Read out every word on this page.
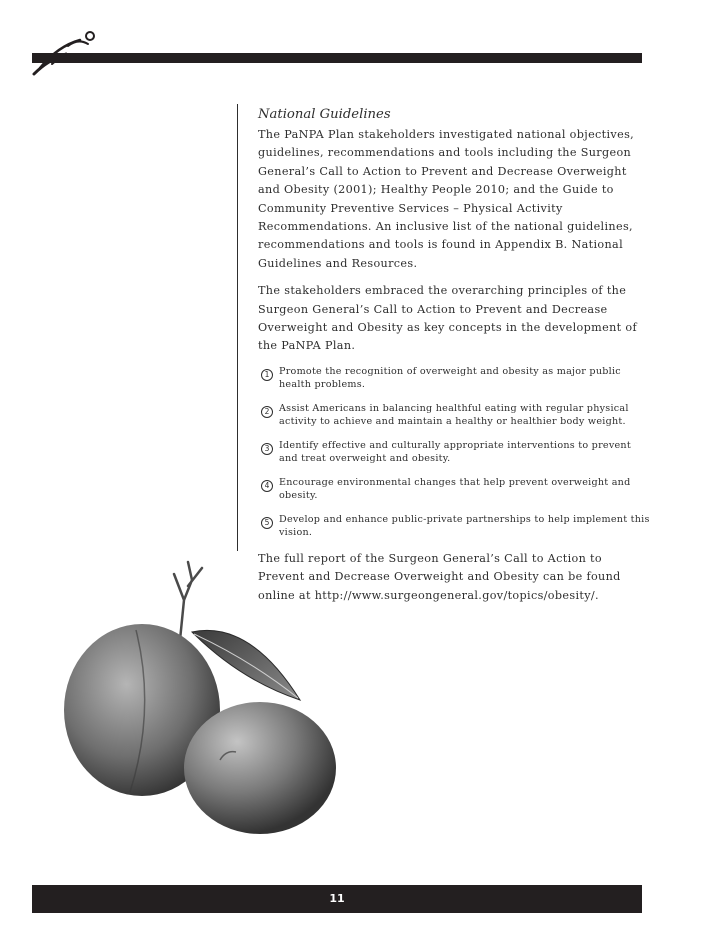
National Guidelines

The PaNPA Plan stakeholders investigated national objectives, guidelines, recommendations and tools including the Surgeon General’s Call to Action to Prevent and Decrease Overweight and Obesity (2001); Healthy People 2010; and the Guide to Community Preventive Services – Physical Activity Recommendations. An inclusive list of the national guidelines, recommendations and tools is found in Appendix B. National Guidelines and Resources.

The stakeholders embraced the overarching principles of the Surgeon General’s Call to Action to Prevent and Decrease Overweight and Obesity as key concepts in the development of the PaNPA Plan.

1	Promote the recognition of overweight and obesity as major public health problems.
2	Assist Americans in balancing healthful eating with regular physical activity to achieve and maintain a healthy or healthier body weight.
3	Identify effective and culturally appropriate interventions to prevent and treat overweight and obesity.
4	Encourage environmental changes that help prevent overweight and obesity.
5	Develop and enhance public-private partnerships to help implement this vision.

The full report of the Surgeon General’s Call to Action to Prevent and Decrease Overweight and Obesity can be found online at http://www.surgeongeneral.gov/topics/obesity/.

11
